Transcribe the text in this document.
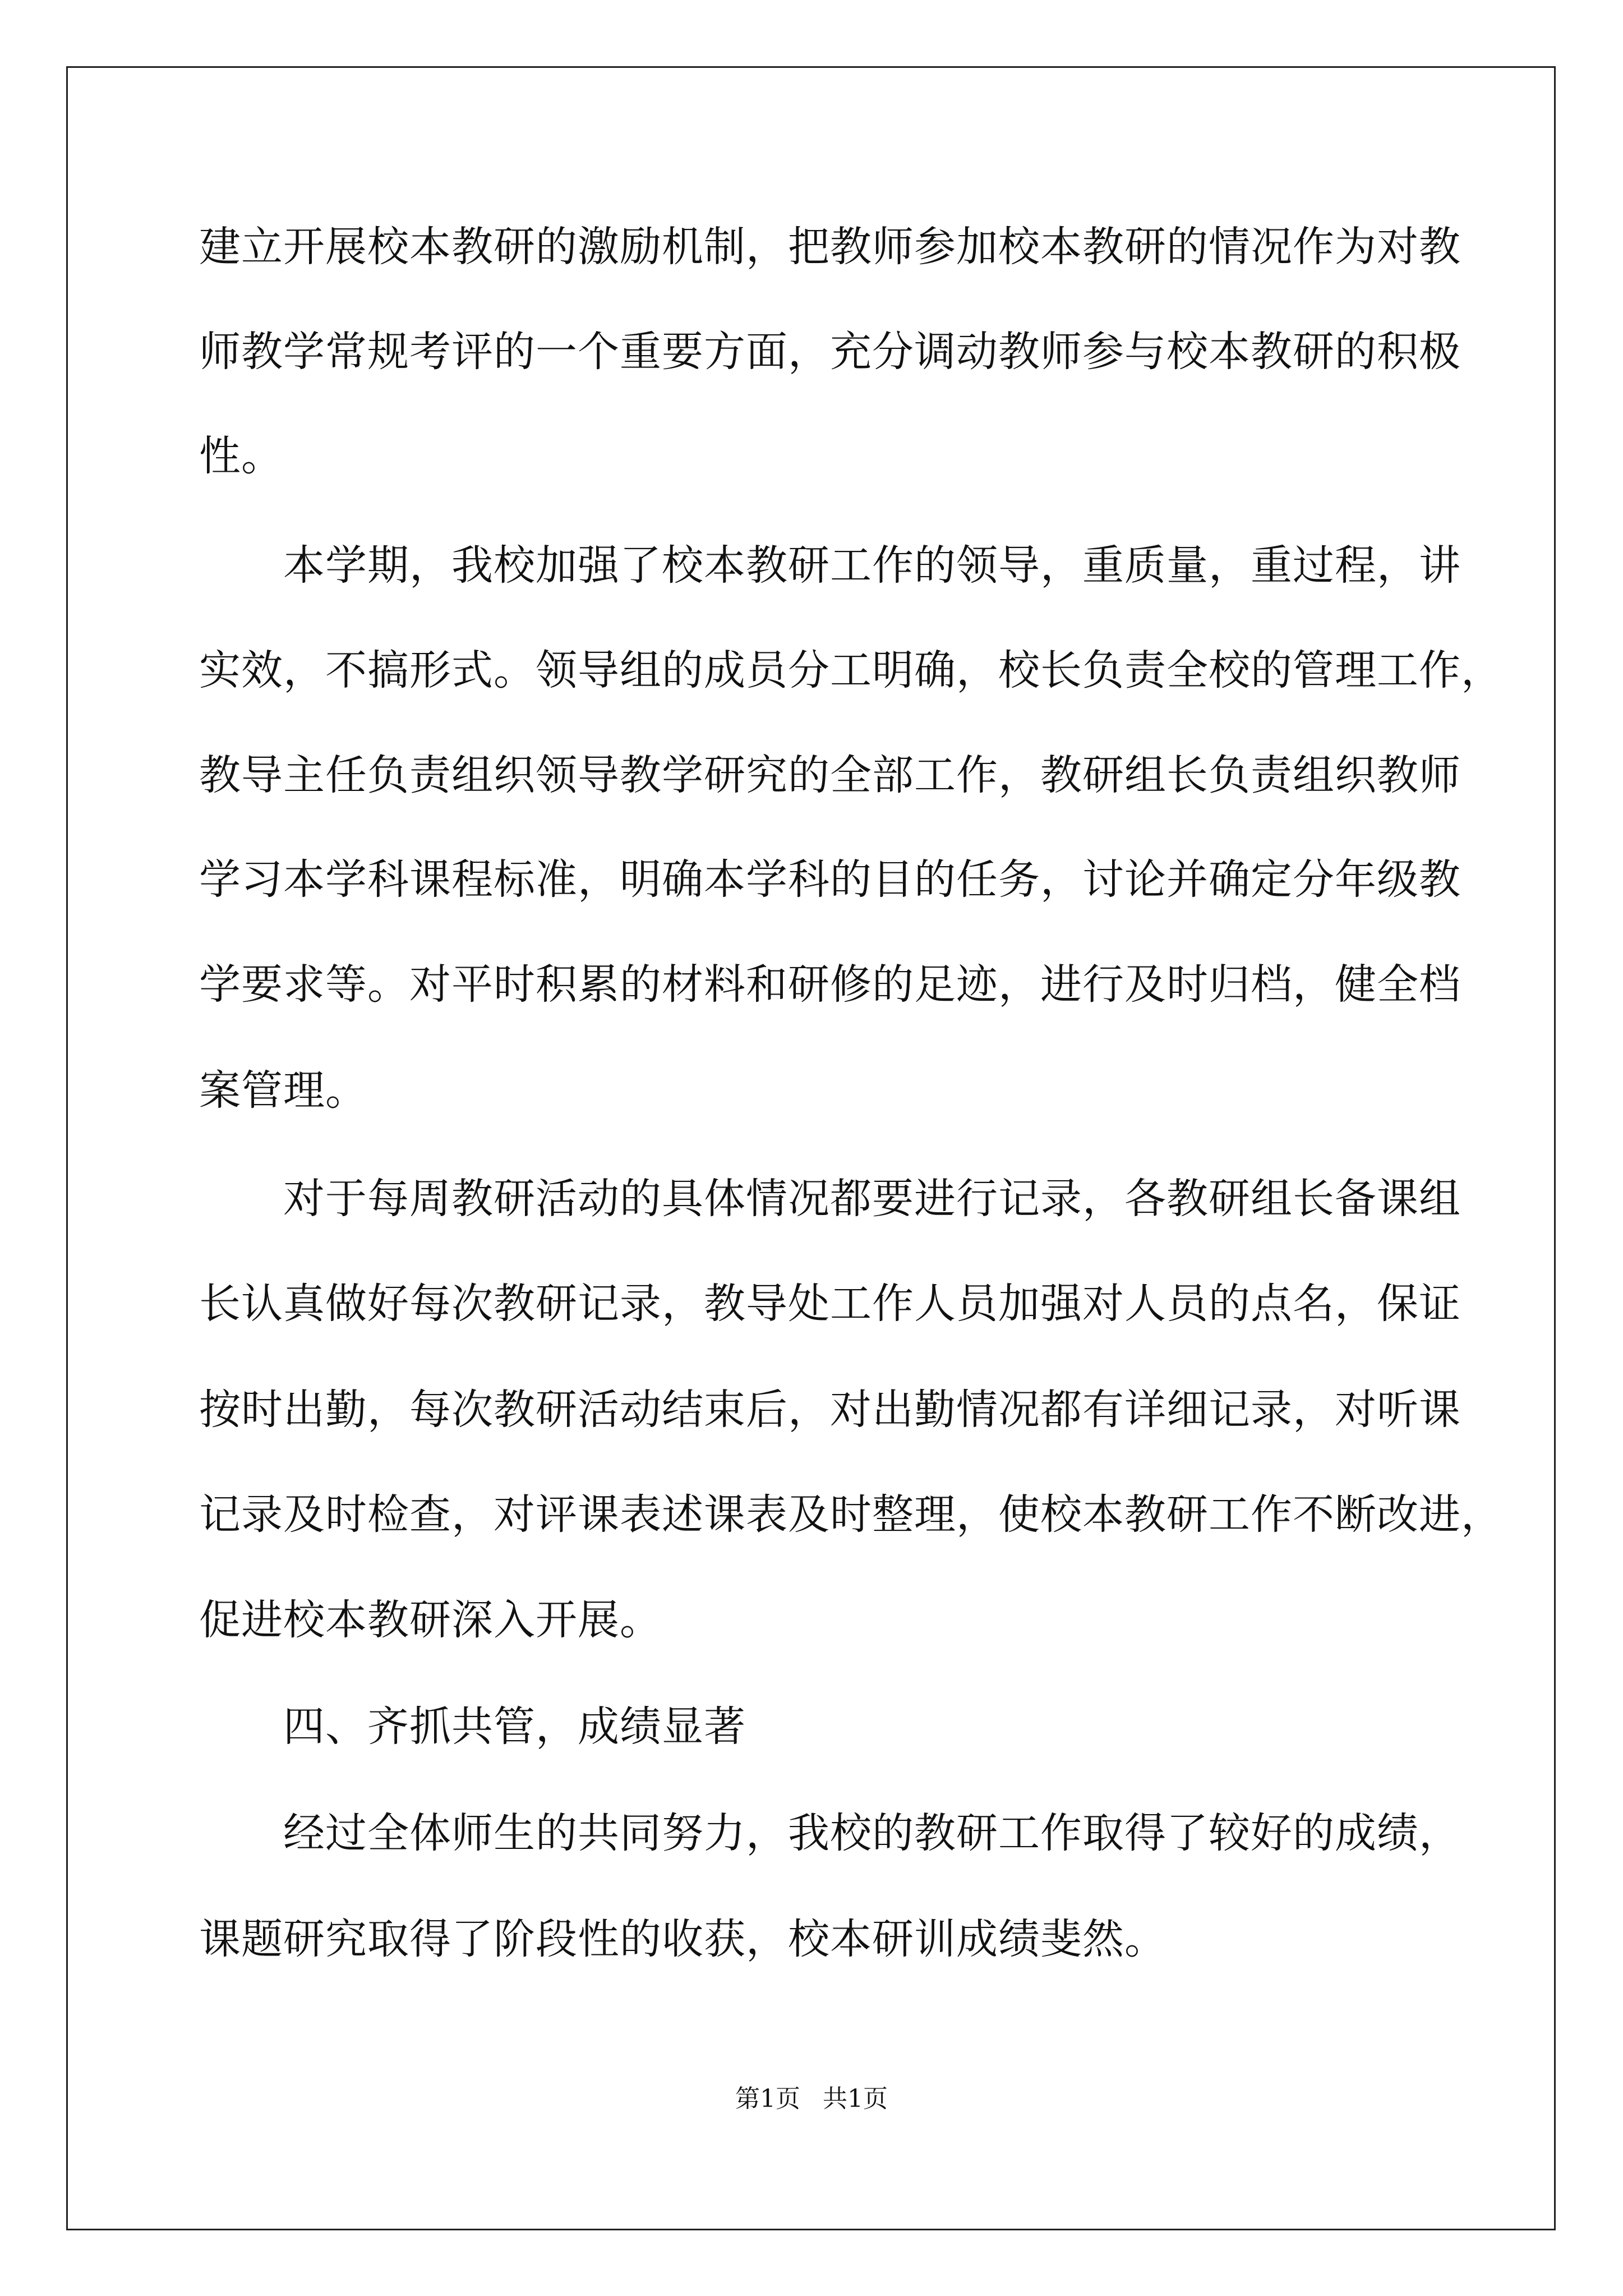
建立开展校本教研的激励机制，把教师参加校本教研的情况作为对教
师教学常规考评的一个重要方面，充分调动教师参与校本教研的积极
性。
本学期，我校加强了校本教研工作的领导，重质量，重过程，讲
实效，不搞形式。领导组的成员分工明确，校长负责全校的管理工作，
教导主任负责组织领导教学研究的全部工作，教研组长负责组织教师
学习本学科课程标准，明确本学科的目的任务，讨论并确定分年级教
学要求等。对平时积累的材料和研修的足迹，进行及时归档，健全档
案管理。
对于每周教研活动的具体情况都要进行记录，各教研组长备课组
长认真做好每次教研记录，教导处工作人员加强对人员的点名，保证
按时出勤，每次教研活动结束后，对出勤情况都有详细记录，对听课
记录及时检查，对评课表述课表及时整理，使校本教研工作不断改进，
促进校本教研深入开展。
四、齐抓共管，成绩显著
经过全体师生的共同努力，我校的教研工作取得了较好的成绩，
课题研究取得了阶段性的收获，校本研训成绩斐然。
第1页 共1页
